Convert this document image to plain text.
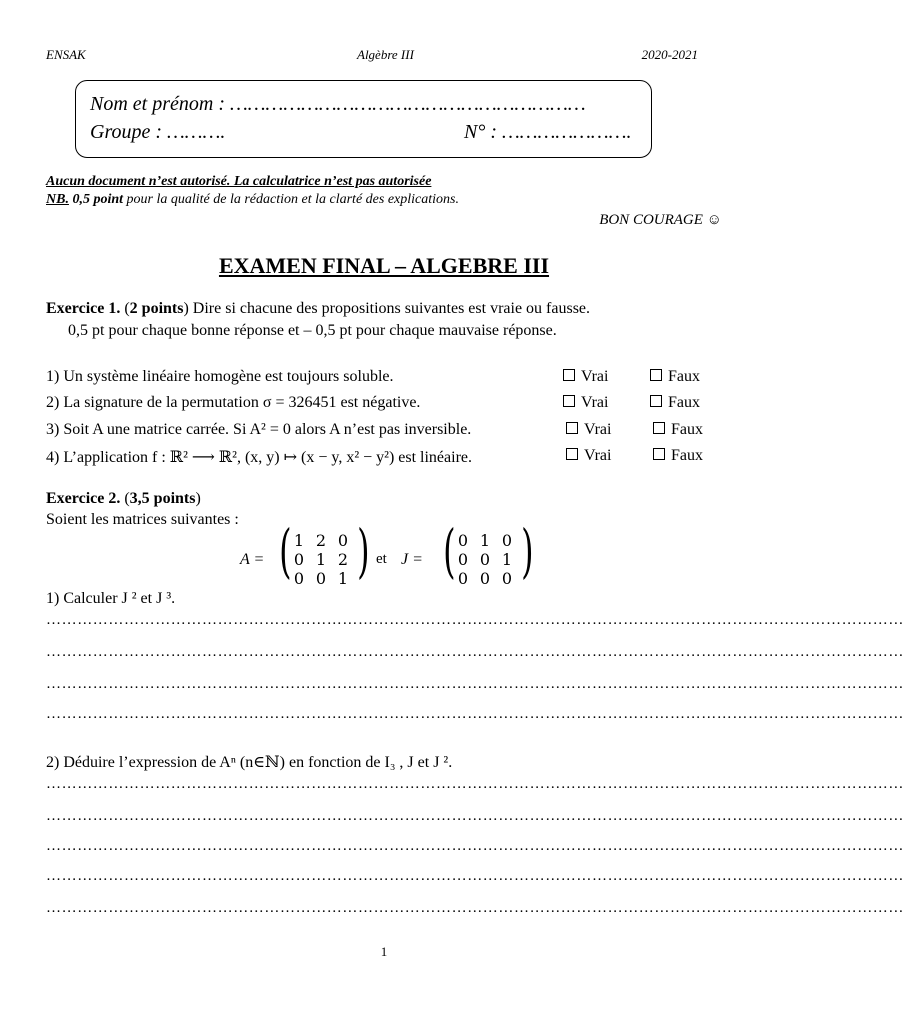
ENSAK	Algèbre III	2020-2021
Nom et prénom : ……………………………………………………
Groupe : ……….	N° : ………………….
Aucun document n’est autorisé. La calculatrice n’est pas autorisée
NB. 0,5 point pour la qualité de la rédaction et la clarté des explications.
BON COURAGE ☺
EXAMEN FINAL – ALGEBRE III
Exercice 1. (2 points) Dire si chacune des propositions suivantes est vraie ou fausse.
0,5 pt pour chaque bonne réponse et – 0,5 pt pour chaque mauvaise réponse.
1) Un système linéaire homogène est toujours soluble.	Vrai	Faux
2) La signature de la permutation σ = 326451 est négative.	Vrai	Faux
3) Soit A une matrice carrée. Si A² = 0 alors A n’est pas inversible.	Vrai	Faux
4) L’application f : ℝ² ⟶ ℝ², (x, y) ↦ (x − y, x² − y²) est linéaire.	Vrai	Faux
Exercice 2. (3,5 points)
Soient les matrices suivantes :
A = ( 1 2 0
0 1 2
0 0 1 ) et J = ( 0 1 0
0 0 1
0 0 0 )
1) Calculer J ² et J ³.
…………………………………………………………………………………………………………………………………………………
…………………………………………………………………………………………………………………………………………………
…………………………………………………………………………………………………………………………………………………
…………………………………………………………………………………………………………………………………………………
2) Déduire l’expression de Aⁿ (n∈ℕ) en fonction de I₃ , J et J ².
…………………………………………………………………………………………………………………………………………………
…………………………………………………………………………………………………………………………………………………
…………………………………………………………………………………………………………………………………………………
…………………………………………………………………………………………………………………………………………………
…………………………………………………………………………………………………………………………………………………
1
